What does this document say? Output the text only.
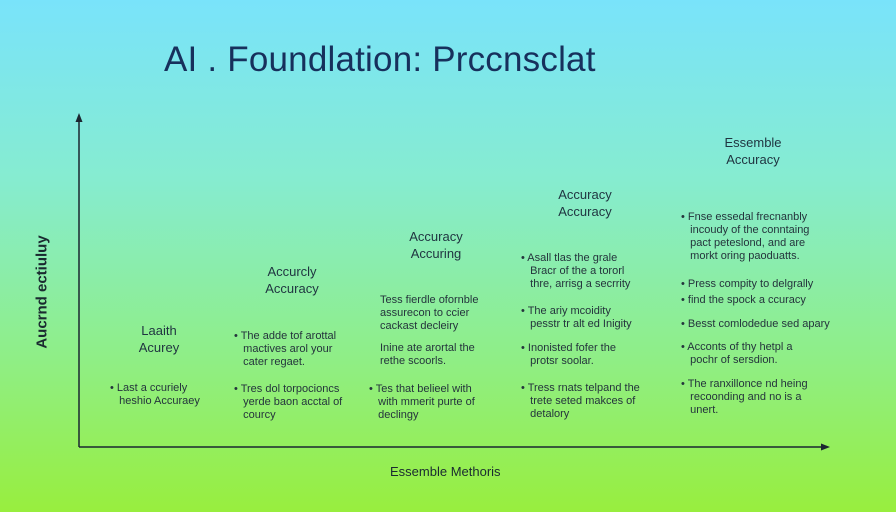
AI . Foundlation: Prccnsclat
Aucrnd ectiuluy
Essemble Methoris
Laaith
Acurey
• Last a ccuriely
  heshio Accuraey
Accurcly
Accuracy
• The adde tof arottal
  mactives arol your
  cater regaet.
• Tres dol torpocioncs
  yerde baon acctal of
  courcy
Accuracy
Accuring
Tess fierdle ofornble
assurecon to ccier
cackast decleiry
Inine ate arortal the
rethe scoorls.
• Tes that belieel with
  with mmerit purte of
  declingy
Accuracy
Accuracy
• Asall tlas the grale
  Bracr of the a tororl
  thre, arrisg a secrrity
• The ariy mcoidity
  pesstr tr alt ed Inigity
• Inonisted fofer the
  protsr soolar.
• Tress rnats telpand the
  trete seted makces of
  detalory
Essemble
Accuracy
• Fnse essedal frecnanbly
  incoudy of the conntaing
  pact peteslond, and are
  morkt oring paoduatts.
• Press compity to delgrally
• find the spock a ccuracy
• Besst comlodedue sed apary
• Acconts of thy hetpl a
  pochr of sersdion.
• The ranxillonce nd heing
  recoonding and no is a
  unert.
